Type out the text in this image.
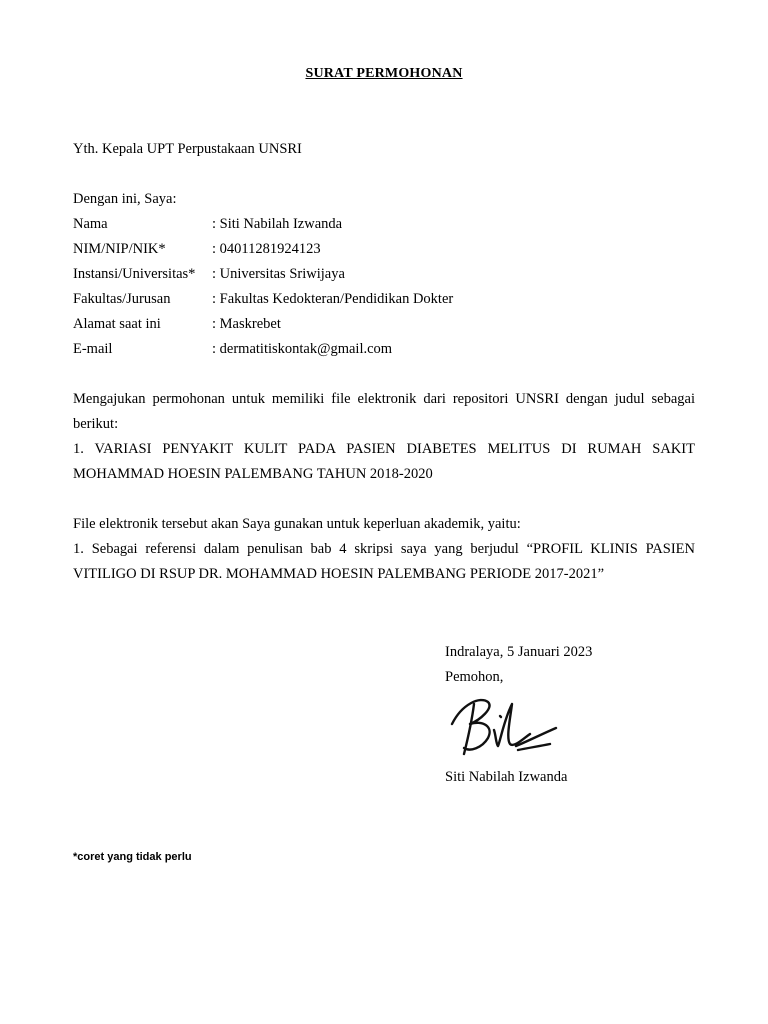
SURAT PERMOHONAN
Yth. Kepala UPT Perpustakaan UNSRI
Dengan ini, Saya:
Nama	: Siti Nabilah Izwanda
NIM/NIP/NIK*	: 04011281924123
Instansi/Universitas* : Universitas Sriwijaya
Fakultas/Jurusan	: Fakultas Kedokteran/Pendidikan Dokter
Alamat saat ini	: Maskrebet
E-mail	: dermatitiskontak@gmail.com
Mengajukan permohonan untuk memiliki file elektronik dari repositori UNSRI dengan judul sebagai
berikut:
1. VARIASI PENYAKIT KULIT PADA PASIEN DIABETES MELITUS DI RUMAH SAKIT
MOHAMMAD HOESIN PALEMBANG TAHUN 2018-2020
File elektronik tersebut akan Saya gunakan untuk keperluan akademik, yaitu:
1. Sebagai referensi dalam penulisan bab 4 skripsi saya yang berjudul “PROFIL KLINIS PASIEN
VITILIGO DI RSUP DR. MOHAMMAD HOESIN PALEMBANG PERIODE 2017-2021”
Indralaya, 5 Januari 2023
Pemohon,
Siti Nabilah Izwanda
*coret yang tidak perlu
